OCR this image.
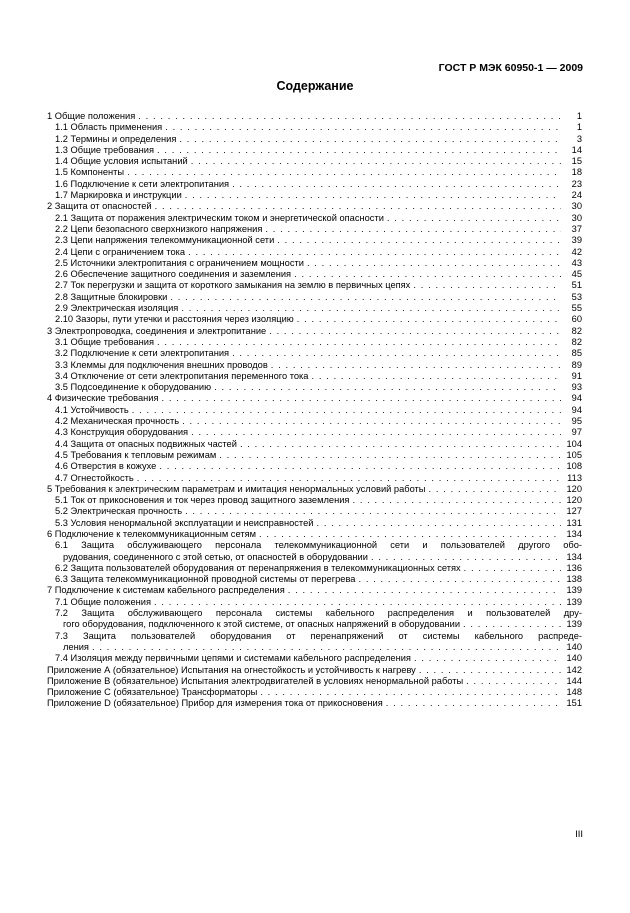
ГОСТ Р МЭК 60950-1 — 2009
Содержание
1 Общие положения . . .	1
1.1 Область применения . . .	1
1.2 Термины и определения . . .	3
1.3 Общие требования . . .	14
1.4 Общие условия испытаний . . .	15
1.5 Компоненты . . .	18
1.6 Подключение к сети электропитания . . .	23
1.7 Маркировка и инструкции . . .	24
2 Защита от опасностей . . .	30
2.1 Защита от поражения электрическим током и энергетической опасности . . .	30
2.2 Цепи безопасного сверхнизкого напряжения . . .	37
2.3 Цепи напряжения телекоммуникационной сети . . .	39
2.4 Цепи с ограничением тока . . .	42
2.5 Источники электропитания с ограничением мощности . . .	43
2.6 Обеспечение защитного соединения и заземления . . .	45
2.7 Ток перегрузки и защита от короткого замыкания на землю в первичных цепях . . .	51
2.8 Защитные блокировки . . .	53
2.9 Электрическая изоляция . . .	55
2.10 Зазоры, пути утечки и расстояния через изоляцию . . .	60
3 Электропроводка, соединения и электропитание . . .	82
3.1 Общие требования . . .	82
3.2 Подключение к сети электропитания . . .	85
3.3 Клеммы для подключения внешних проводов . . .	89
3.4 Отключение от сети электропитания переменного тока . . .	91
3.5 Подсоединение к оборудованию . . .	93
4 Физические требования . . .	94
4.1 Устойчивость . . .	94
4.2 Механическая прочность . . .	95
4.3 Конструкция оборудования . . .	97
4.4 Защита от опасных подвижных частей . . .	104
4.5 Требования к тепловым режимам . . .	105
4.6 Отверстия в кожухе . . .	108
4.7 Огнестойкость . . .	113
5 Требования к электрическим параметрам и имитация ненормальных условий работы . . .	120
5.1 Ток от прикосновения и ток через провод защитного заземления . . .	120
5.2 Электрическая прочность . . .	127
5.3 Условия ненормальной эксплуатации и неисправностей . . .	131
6 Подключение к телекоммуникационным сетям . . .	134
6.1 Защита обслуживающего персонала телекоммуникационной сети и пользователей другого обо-
рудования, соединенного с этой сетью, от опасностей в оборудовании . . .	134
6.2 Защита пользователей оборудования от перенапряжения в телекоммуникационных сетях . . .	136
6.3 Защита телекоммуникационной проводной системы от перегрева . . .	138
7 Подключение к системам кабельного распределения . . .	139
7.1 Общие положения . . .	139
7.2 Защита обслуживающего персонала системы кабельного распределения и пользователей дру-
гого оборудования, подключенного к этой системе, от опасных напряжений в оборудовании . . .	139
7.3 Защита пользователей оборудования от перенапряжений от системы кабельного распреде-
ления . . .	140
7.4 Изоляция между первичными цепями и системами кабельного распределения . . .	140
Приложение А (обязательное) Испытания на огнестойкость и устойчивость к нагреву . . .	142
Приложение В (обязательное) Испытания электродвигателей в условиях ненормальной работы . . .	144
Приложение С (обязательное) Трансформаторы . . .	148
Приложение D (обязательное) Прибор для измерения тока от прикосновения . . .	151
III
